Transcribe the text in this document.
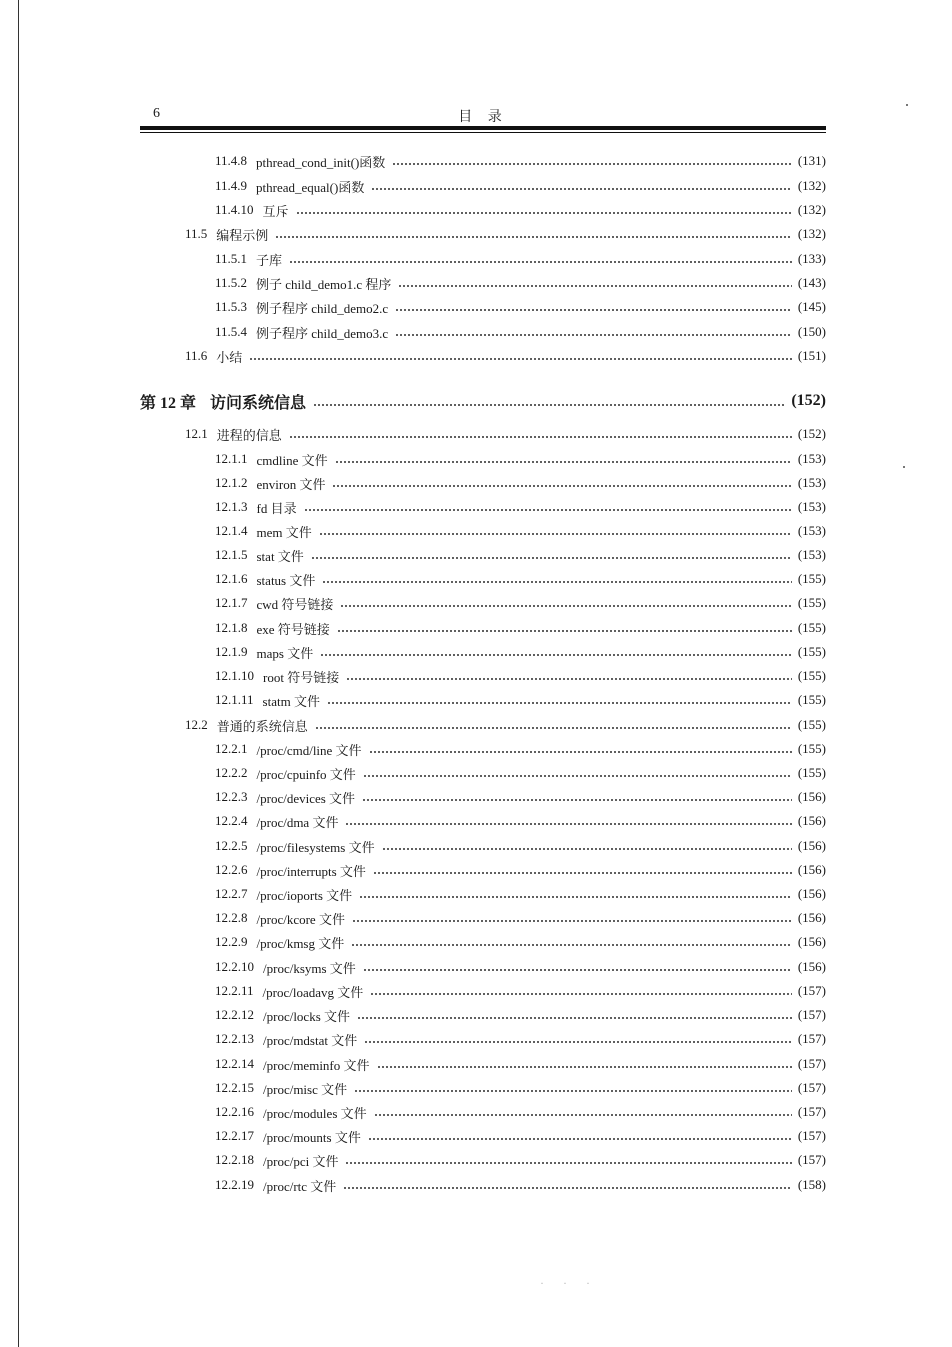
6	目 录
11.4.8 pthread_cond_init()函数	(131)
11.4.9 pthread_equal()函数	(132)
11.4.10 互斥	(132)
11.5 编程示例	(132)
11.5.1 子库	(133)
11.5.2 例子 child_demo1.c 程序	(143)
11.5.3 例子程序 child_demo2.c	(145)
11.5.4 例子程序 child_demo3.c	(150)
11.6 小结	(151)
第 12 章 访问系统信息	(152)
12.1 进程的信息	(152)
12.1.1 cmdline 文件	(153)
12.1.2 environ 文件	(153)
12.1.3 fd 目录	(153)
12.1.4 mem 文件	(153)
12.1.5 stat 文件	(153)
12.1.6 status 文件	(155)
12.1.7 cwd 符号链接	(155)
12.1.8 exe 符号链接	(155)
12.1.9 maps 文件	(155)
12.1.10 root 符号链接	(155)
12.1.11 statm 文件	(155)
12.2 普通的系统信息	(155)
12.2.1 /proc/cmd/line 文件	(155)
12.2.2 /proc/cpuinfo 文件	(155)
12.2.3 /proc/devices 文件	(156)
12.2.4 /proc/dma 文件	(156)
12.2.5 /proc/filesystems 文件	(156)
12.2.6 /proc/interrupts 文件	(156)
12.2.7 /proc/ioports 文件	(156)
12.2.8 /proc/kcore 文件	(156)
12.2.9 /proc/kmsg 文件	(156)
12.2.10 /proc/ksyms 文件	(156)
12.2.11 /proc/loadavg 文件	(157)
12.2.12 /proc/locks 文件	(157)
12.2.13 /proc/mdstat 文件	(157)
12.2.14 /proc/meminfo 文件	(157)
12.2.15 /proc/misc 文件	(157)
12.2.16 /proc/modules 文件	(157)
12.2.17 /proc/mounts 文件	(157)
12.2.18 /proc/pci 文件	(157)
12.2.19 /proc/rtc 文件	(158)
· · ·
